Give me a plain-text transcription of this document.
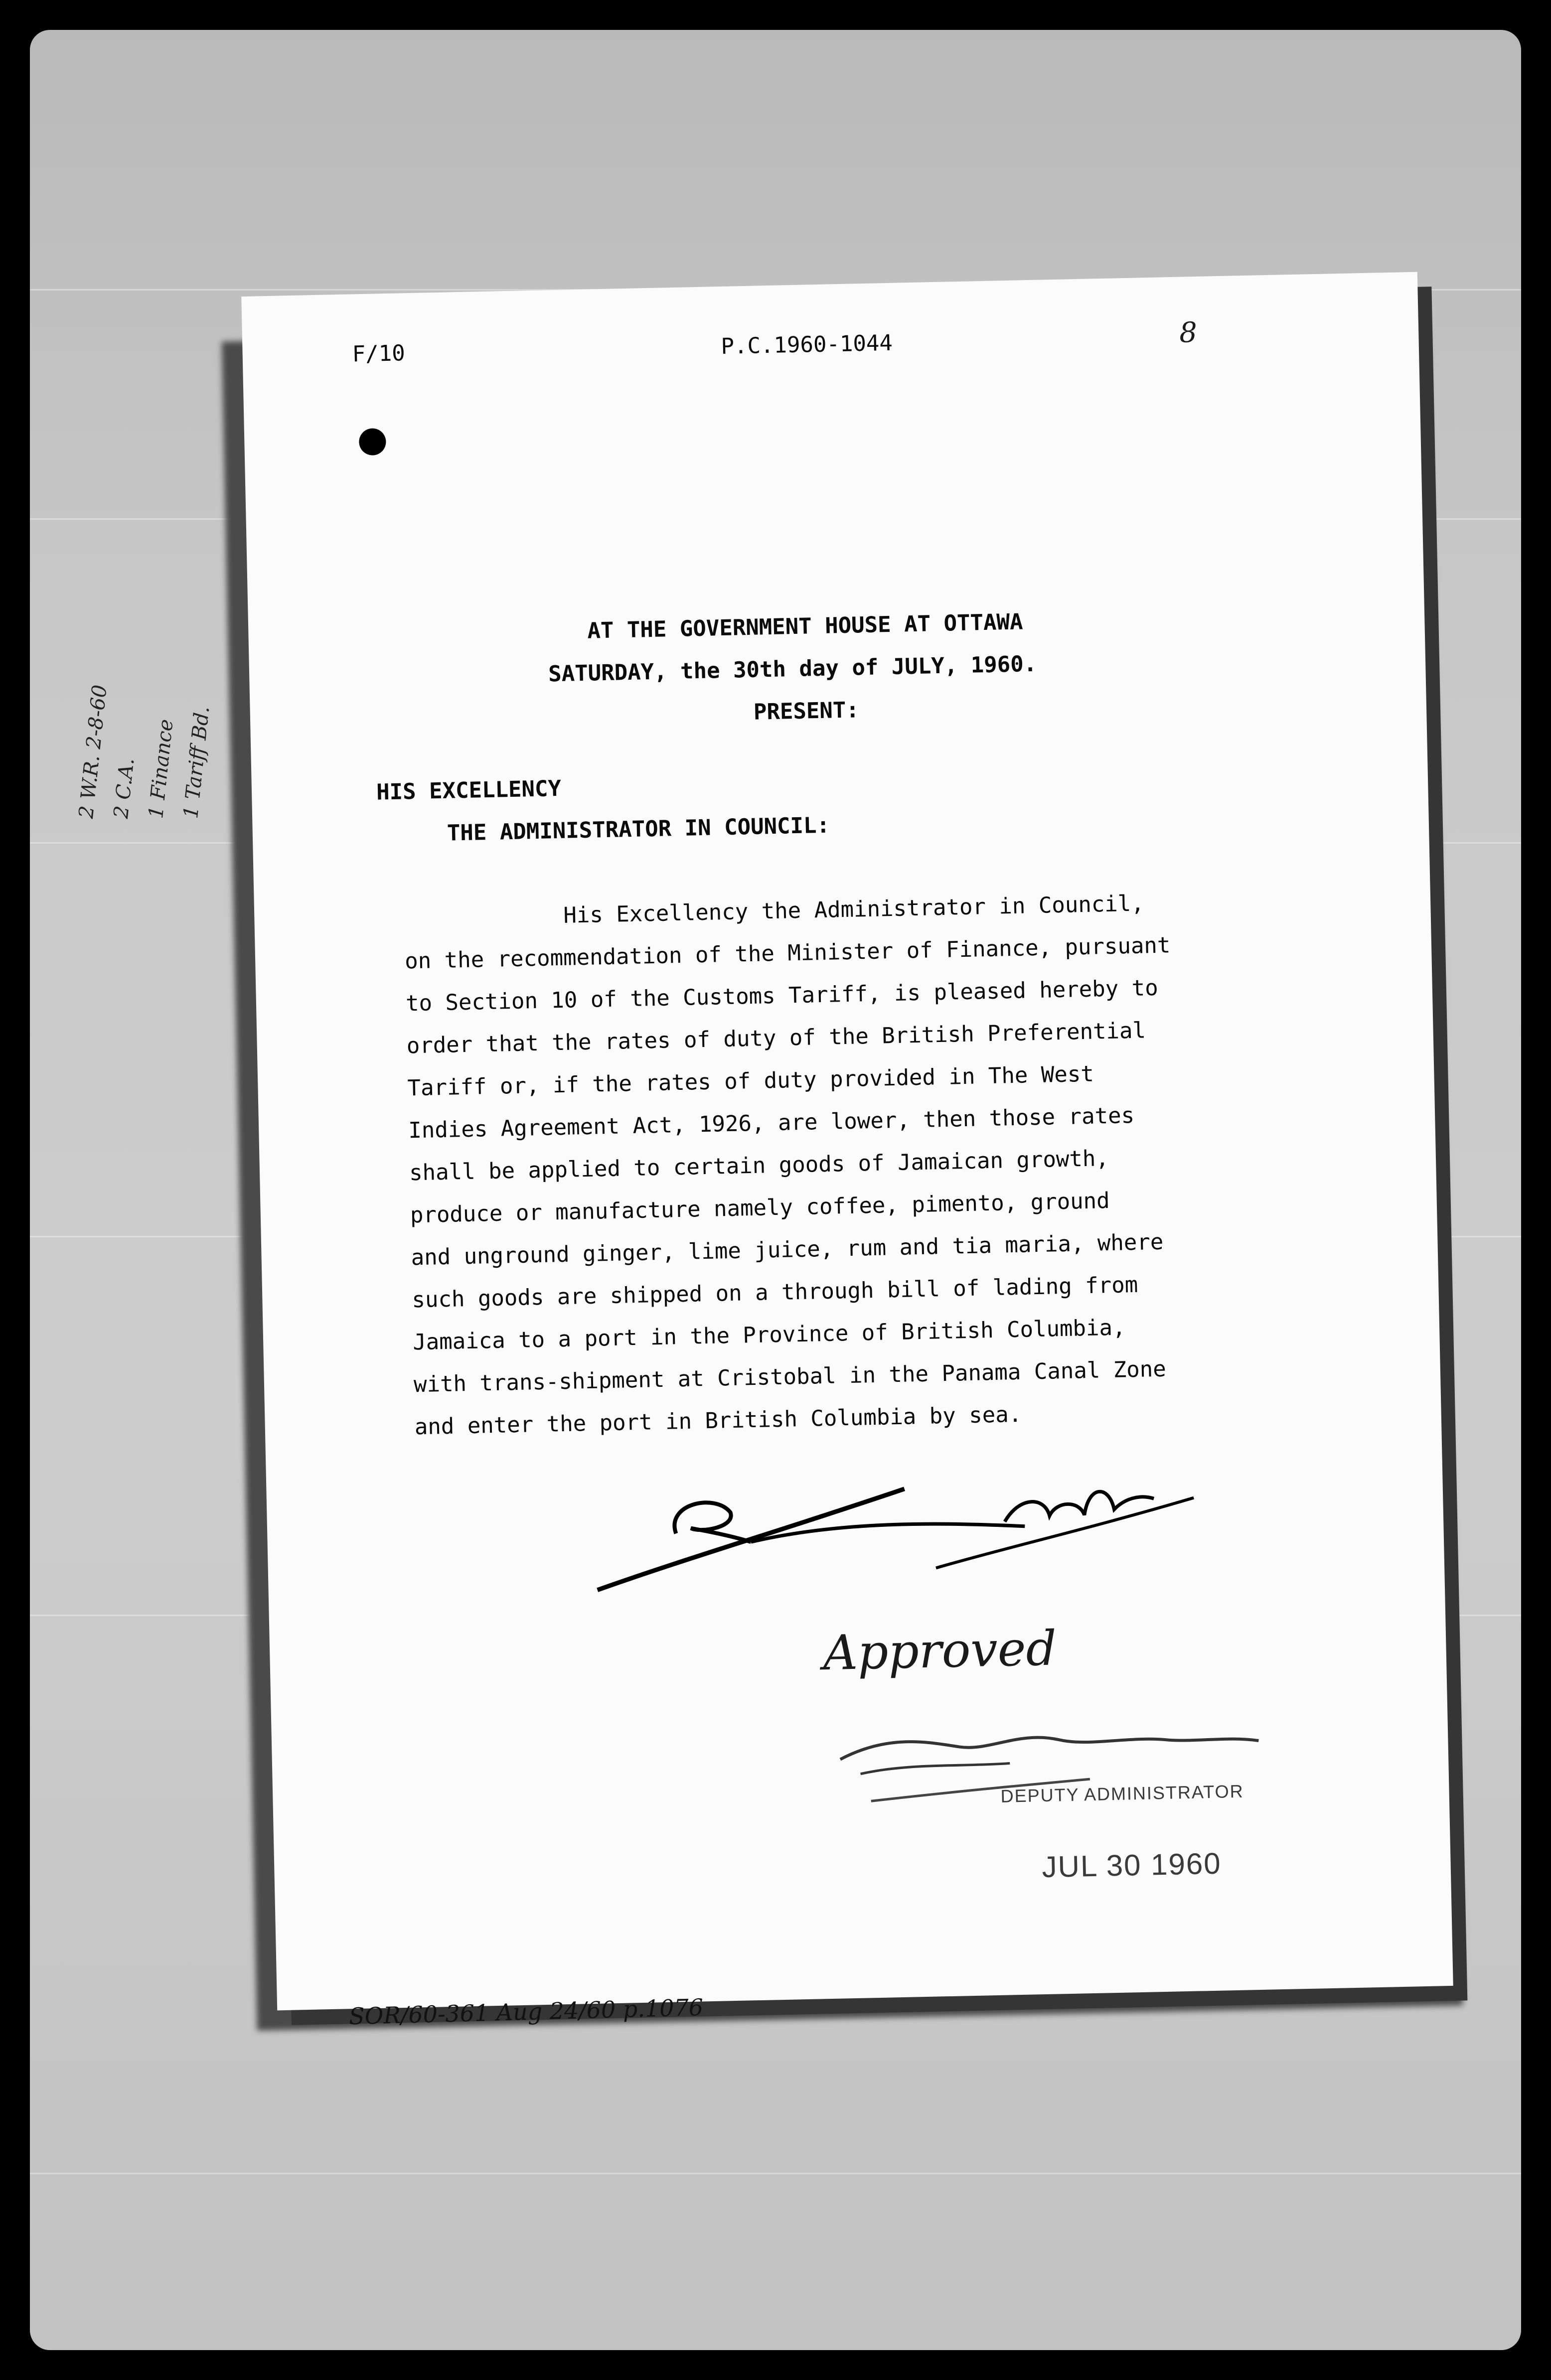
2 W.R. 2-8-60
2 C.A. 1 Finance 1 Tariff Bd.
F/10	P.C.1960-1044	8
AT THE GOVERNMENT HOUSE AT OTTAWA
SATURDAY, the 30th day of JULY, 1960.
PRESENT:
HIS EXCELLENCY
THE ADMINISTRATOR IN COUNCIL:
His Excellency the Administrator in Council,
on the recommendation of the Minister of Finance, pursuant
to Section 10 of the Customs Tariff, is pleased hereby to
order that the rates of duty of the British Preferential
Tariff or, if the rates of duty provided in The West
Indies Agreement Act, 1926, are lower, then those rates
shall be applied to certain goods of Jamaican growth,
produce or manufacture namely coffee, pimento, ground
and unground ginger, lime juice, rum and tia maria, where
such goods are shipped on a through bill of lading from
Jamaica to a port in the Province of British Columbia,
with trans-shipment at Cristobal in the Panama Canal Zone
and enter the port in British Columbia by sea.
Approved
DEPUTY ADMINISTRATOR
JUL 30 1960
SOR/60-361 Aug 24/60 p.1076
